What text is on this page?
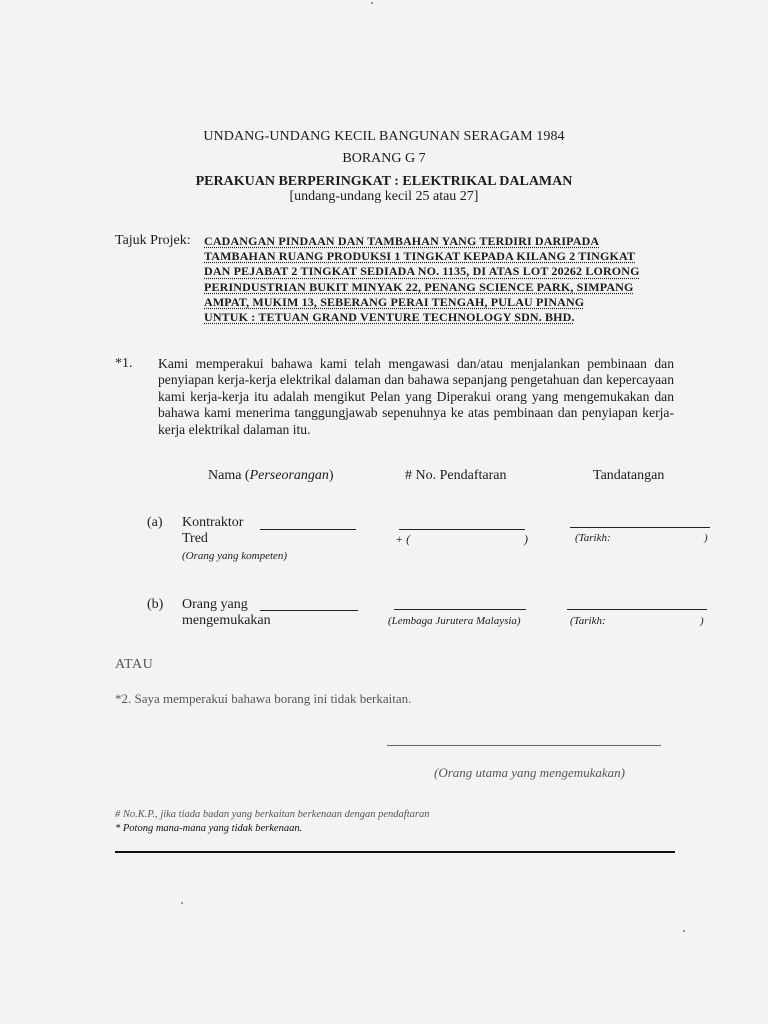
UNDANG-UNDANG KECIL BANGUNAN SERAGAM 1984
BORANG G 7
PERAKUAN BERPERINGKAT : ELEKTRIKAL DALAMAN
[undang-undang kecil 25 atau 27]
Tajuk Projek: CADANGAN PINDAAN DAN TAMBAHAN YANG TERDIRI DARIPADA
TAMBAHAN RUANG PRODUKSI 1 TINGKAT KEPADA KILANG 2 TINGKAT
DAN PEJABAT 2 TINGKAT SEDIADA NO. 1135, DI ATAS LOT 20262 LORONG
PERINDUSTRIAN BUKIT MINYAK 22, PENANG SCIENCE PARK, SIMPANG
AMPAT, MUKIM 13, SEBERANG PERAI TENGAH, PULAU PINANG
UNTUK : TETUAN GRAND VENTURE TECHNOLOGY SDN. BHD.
*1. Kami memperakui bahawa kami telah mengawasi dan/atau menjalankan pembinaan dan penyiapan kerja-kerja elektrikal dalaman dan bahawa sepanjang pengetahuan dan kepercayaan kami kerja-kerja itu adalah mengikut Pelan yang Diperakui orang yang mengemukakan dan bahawa kami menerima tanggungjawab sepenuhnya ke atas pembinaan dan penyiapan kerja-kerja elektrikal dalaman itu.
Nama (Perseorangan)	# No. Pendaftaran	Tandatangan
(a) Kontraktor
Tred
(Orang yang kompeten)
+ (	)	(Tarikh:	)
(b) Orang yang
mengemukakan	(Lembaga Jurutera Malaysia)	(Tarikh:	)
ATAU
*2. Saya memperakui bahawa borang ini tidak berkaitan.
(Orang utama yang mengemukakan)
# No.K.P., jika tiada badan yang berkaitan berkenaan dengan pendaftaran
* Potong mana-mana yang tidak berkenaan.
